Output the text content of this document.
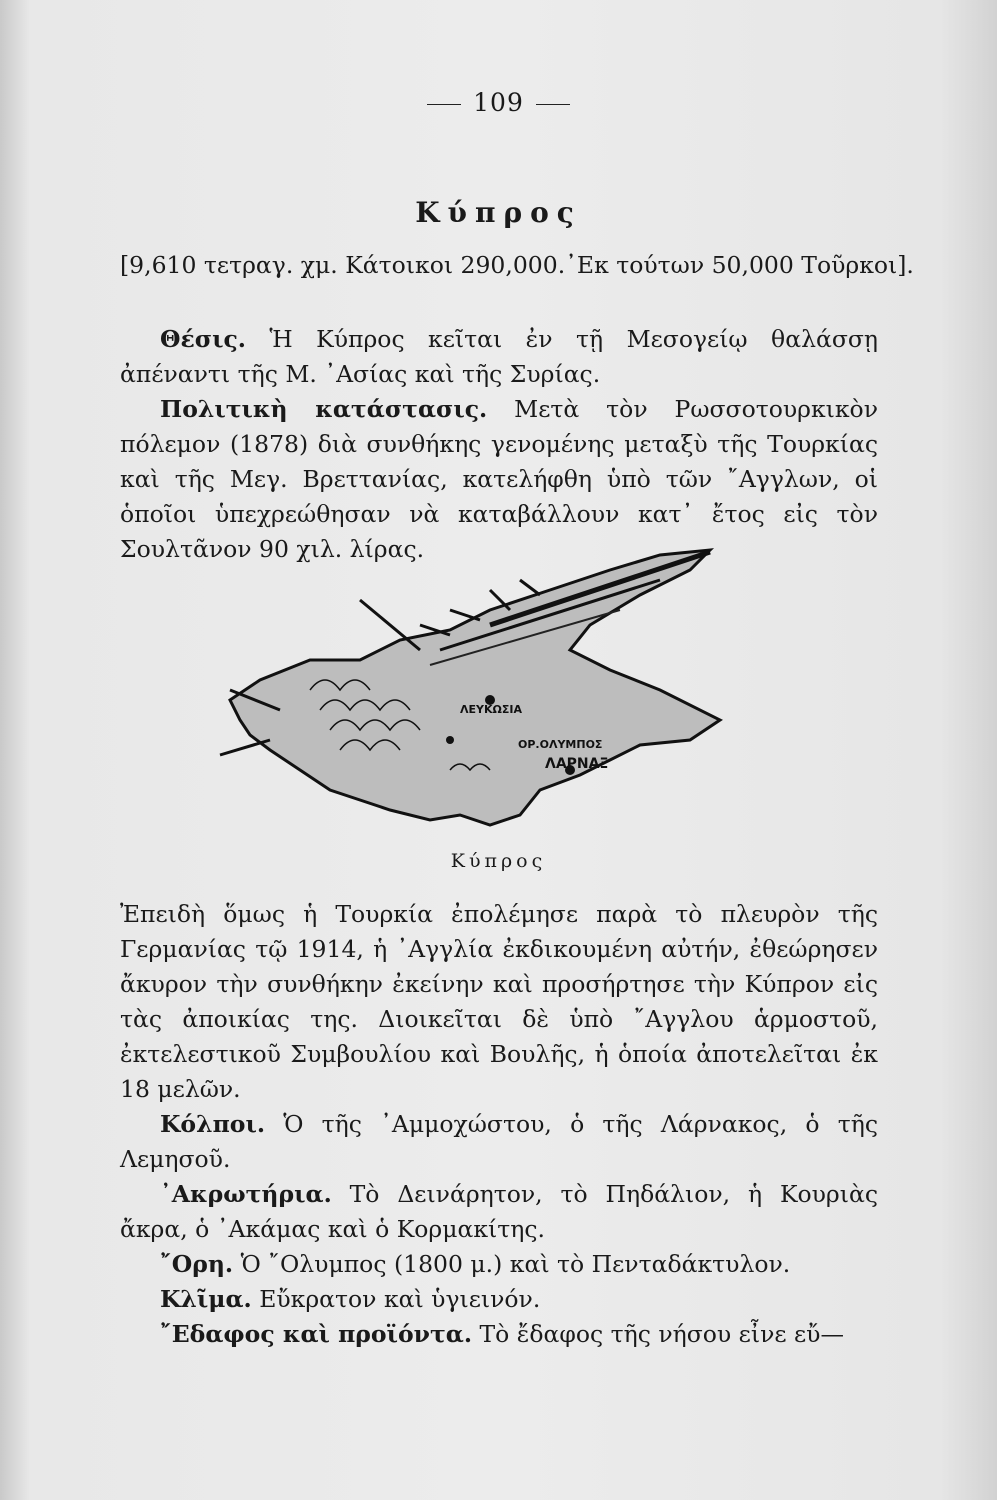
109
Κύπρος
[9,610 τετραγ. χμ. Κάτοικοι 290,000.᾽Εκ τούτων 50,000 Τοῦρκοι].

Θέσις. Ἡ Κύπρος κεῖται ἐν τῇ Μεσογείῳ θαλάσσῃ ἀπέναντι τῆς Μ. ᾽Ασίας καὶ τῆς Συρίας.

Πολιτικὴ κατάστασις. Μετὰ τὸν Ρωσσοτουρκικὸν πόλεμον (1878) διὰ συνθήκης γενομένης μεταξὺ τῆς Τουρκίας καὶ τῆς Μεγ. Βρεττανίας, κατελήφθη ὑπὸ τῶν ῎Αγγλων, οἱ ὁποῖοι ὑπεχρεώθησαν νὰ καταβάλλουν κατ᾽ ἔτος εἰς τὸν Σουλτᾶνον 90 χιλ. λίρας.

ΛΕΥΚΩΣΙΑ
ΟΡ.ΟΛΥΜΠΟΣ
ΛΑΡΝΑΞ
Κύπρος

Ἐπειδὴ ὅμως ἡ Τουρκία ἐπολέμησε παρὰ τὸ πλευρὸν τῆς Γερμανίας τῷ 1914, ἡ ᾽Αγγλία ἐκδικουμένη αὐτήν, ἐθεώρησεν ἄκυρον τὴν συνθήκην ἐκείνην καὶ προσήρτησε τὴν Κύπρον εἰς τὰς ἀποικίας της. Διοικεῖται δὲ ὑπὸ ῎Αγγλου ἁρμοστοῦ, ἐκτελεστικοῦ Συμβουλίου καὶ Βουλῆς, ἡ ὁποία ἀποτελεῖται ἐκ 18 μελῶν.

Κόλποι. Ὁ τῆς ᾽Αμμοχώστου, ὁ τῆς Λάρνακος, ὁ τῆς Λεμησοῦ.

᾽Ακρωτήρια. Τὸ Δεινάρητον, τὸ Πηδάλιον, ἡ Κουριὰς ἄκρα, ὁ ᾽Ακάμας καὶ ὁ Κορμακίτης.

῎Ορη. Ὁ ῎Ολυμπος (1800 μ.) καὶ τὸ Πενταδάκτυλον.

Κλῖμα. Εὔκρατον καὶ ὑγιεινόν.

῎Εδαφος καὶ προϊόντα. Τὸ ἔδαφος τῆς νήσου εἶνε εὔ—
